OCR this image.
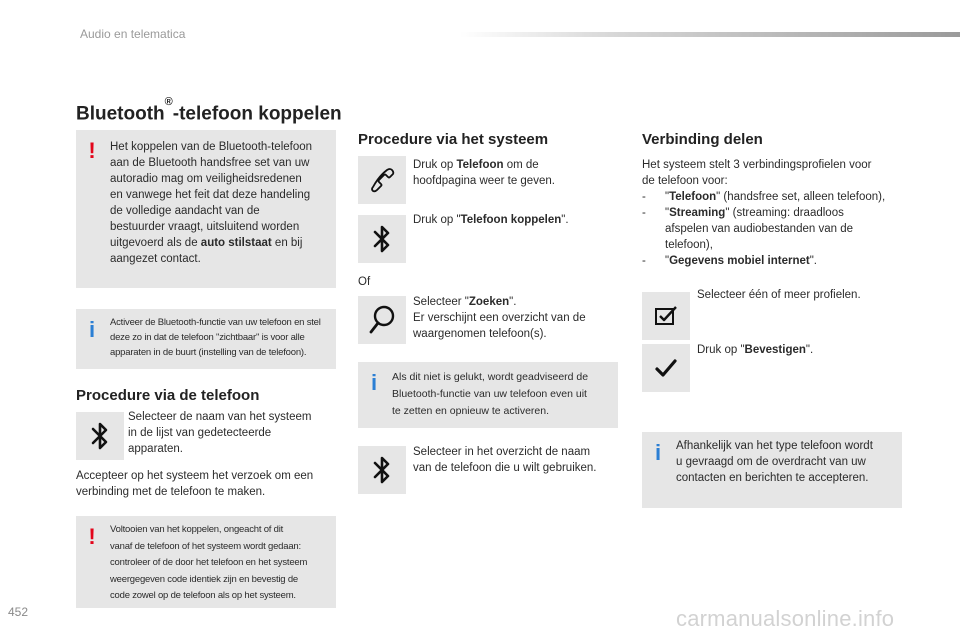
Audio en telematica
Bluetooth®-telefoon koppelen
!	Het koppelen van de Bluetooth-telefoon
aan de Bluetooth handsfree set van uw
autoradio mag om veiligheidsredenen
en vanwege het feit dat deze handeling
de volledige aandacht van de
bestuurder vraagt, uitsluitend worden
uitgevoerd als de auto stilstaat en bij
aangezet contact.
i	Activeer de Bluetooth-functie van uw telefoon en stel
deze zo in dat de telefoon "zichtbaar" is voor alle
apparaten in de buurt (instelling van de telefoon).
Procedure via de telefoon
Selecteer de naam van het systeem
in de lijst van gedetecteerde
apparaten.
Accepteer op het systeem het verzoek om een
verbinding met de telefoon te maken.
!	Voltooien van het koppelen, ongeacht of dit
vanaf de telefoon of het systeem wordt gedaan:
controleer of de door het telefoon en het systeem
weergegeven code identiek zijn en bevestig de
code zowel op de telefoon als op het systeem.
Procedure via het systeem
Druk op Telefoon om de
hoofdpagina weer te geven.
Druk op "Telefoon koppelen".
Of
Selecteer "Zoeken".
Er verschijnt een overzicht van de
waargenomen telefoon(s).
i	Als dit niet is gelukt, wordt geadviseerd de
Bluetooth-functie van uw telefoon even uit
te zetten en opnieuw te activeren.
Selecteer in het overzicht de naam
van de telefoon die u wilt gebruiken.
Verbinding delen
Het systeem stelt 3 verbindingsprofielen voor
de telefoon voor:
- "Telefoon" (handsfree set, alleen telefoon),
- "Streaming" (streaming: draadloos
afspelen van audiobestanden van de
telefoon),
- "Gegevens mobiel internet".
Selecteer één of meer profielen.
Druk op "Bevestigen".
i	Afhankelijk van het type telefoon wordt
u gevraagd om de overdracht van uw
contacten en berichten te accepteren.
452	carmanualsonline.info
